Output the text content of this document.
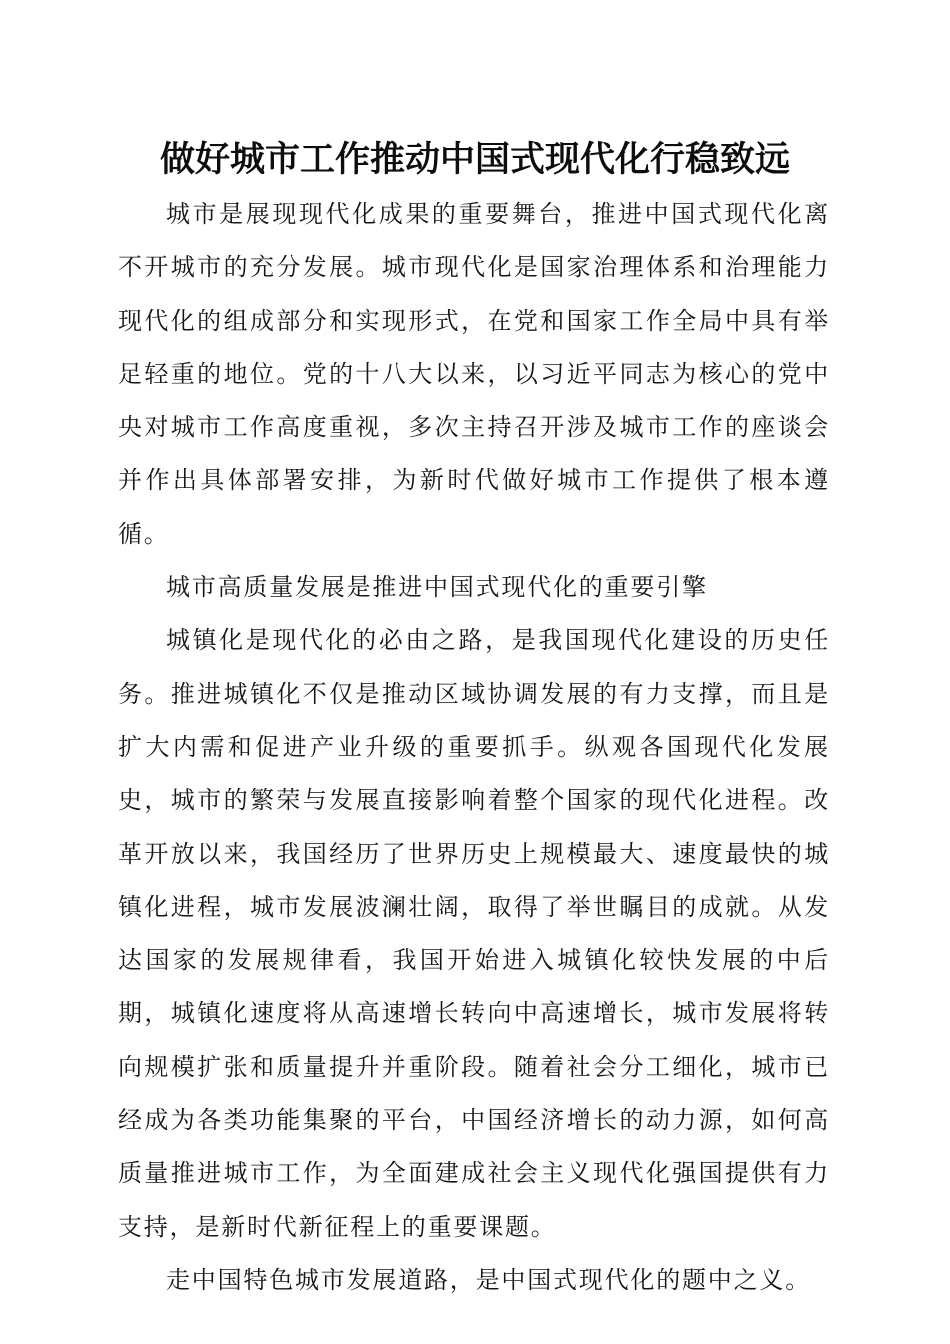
做好城市工作推动中国式现代化行稳致远

城市是展现现代化成果的重要舞台，推进中国式现代化离不开城市的充分发展。城市现代化是国家治理体系和治理能力现代化的组成部分和实现形式，在党和国家工作全局中具有举足轻重的地位。党的十八大以来，以习近平同志为核心的党中央对城市工作高度重视，多次主持召开涉及城市工作的座谈会并作出具体部署安排，为新时代做好城市工作提供了根本遵循。

城市高质量发展是推进中国式现代化的重要引擎

城镇化是现代化的必由之路，是我国现代化建设的历史任务。推进城镇化不仅是推动区域协调发展的有力支撑，而且是扩大内需和促进产业升级的重要抓手。纵观各国现代化发展史，城市的繁荣与发展直接影响着整个国家的现代化进程。改革开放以来，我国经历了世界历史上规模最大、速度最快的城镇化进程，城市发展波澜壮阔，取得了举世瞩目的成就。从发达国家的发展规律看，我国开始进入城镇化较快发展的中后期，城镇化速度将从高速增长转向中高速增长，城市发展将转向规模扩张和质量提升并重阶段。随着社会分工细化，城市已经成为各类功能集聚的平台，中国经济增长的动力源，如何高质量推进城市工作，为全面建成社会主义现代化强国提供有力支持，是新时代新征程上的重要课题。

走中国特色城市发展道路，是中国式现代化的题中之义。
